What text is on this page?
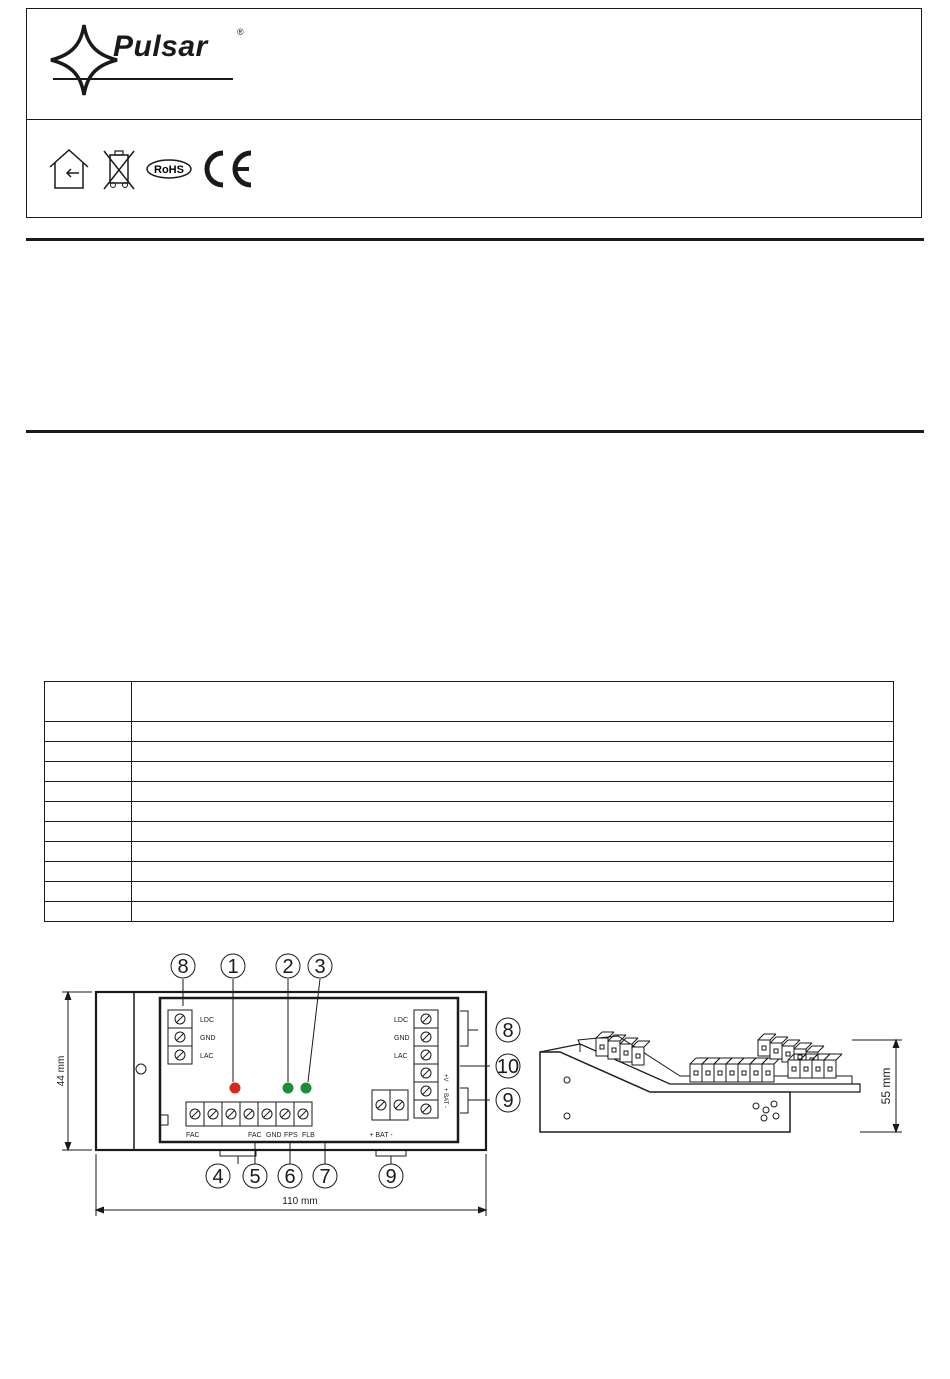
Pulsar	®
RoHS

LDC
GND
LAC
LDC
GND
LAC
+V
+ BAT -
FAC	FAC GND FPS FLB	+ BAT -
8 1 2 3
8
10
9
4 5 6 7	9
44 mm
110 mm
55 mm
